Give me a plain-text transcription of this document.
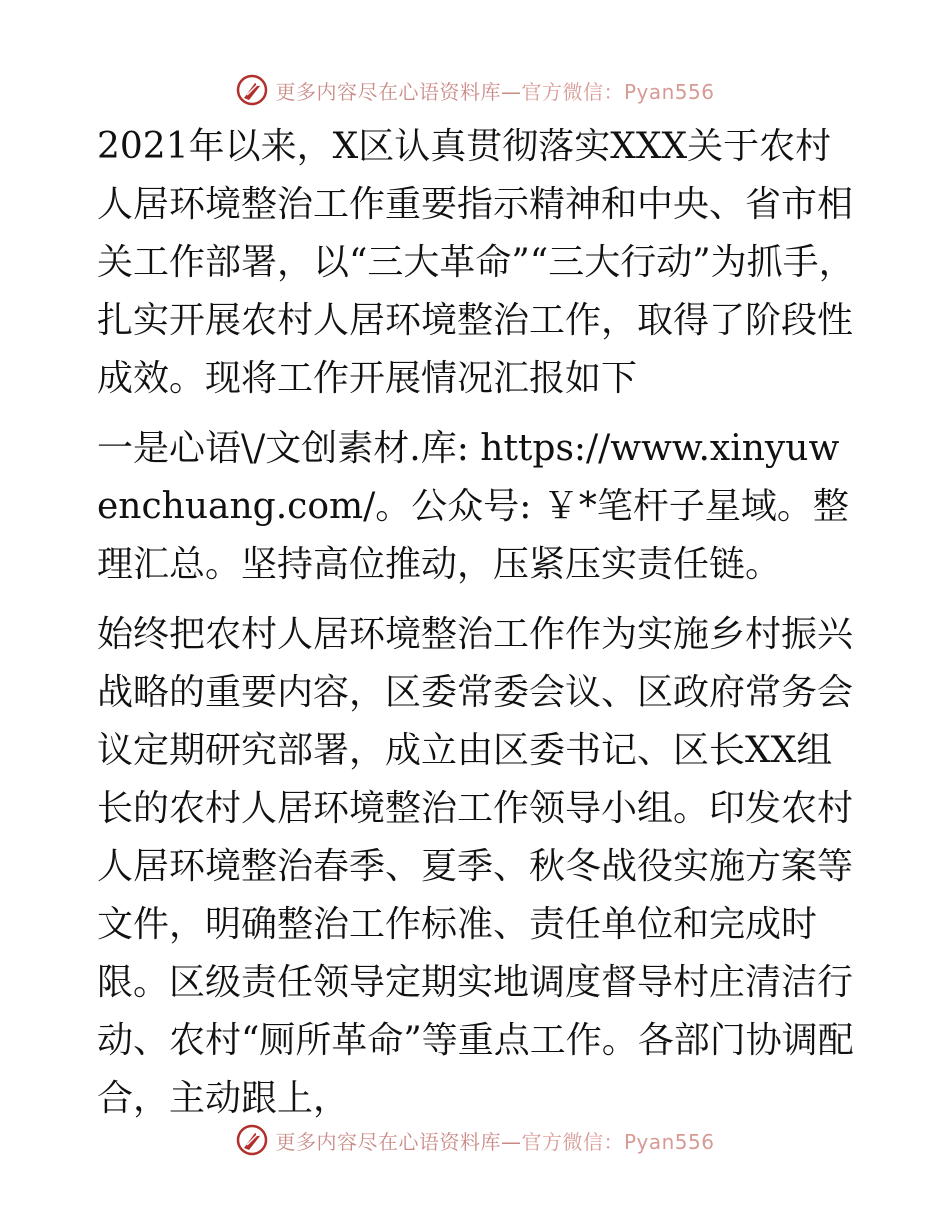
更多内容尽在心语资料库—官方微信：Pyan556

2021年以来，X区认真贯彻落实XXX关于农村人居环境整治工作重要指示精神和中央、省市相关工作部署，以“三大革命”“三大行动”为抓手，扎实开展农村人居环境整治工作，取得了阶段性成效。现将工作开展情况汇报如下

一是心语\/文创素材.库: https://www.xinyuwenchuang.com/。公众号: ￥*笔杆子星域。整理汇总。坚持高位推动，压紧压实责任链。

始终把农村人居环境整治工作作为实施乡村振兴战略的重要内容，区委常委会议、区政府常务会议定期研究部署，成立由区委书记、区长XX组长的农村人居环境整治工作领导小组。印发农村人居环境整治春季、夏季、秋冬战役实施方案等文件，明确整治工作标准、责任单位和完成时限。区级责任领导定期实地调度督导村庄清洁行动、农村“厕所革命”等重点工作。各部门协调配合，主动跟上，

更多内容尽在心语资料库—官方微信：Pyan556
